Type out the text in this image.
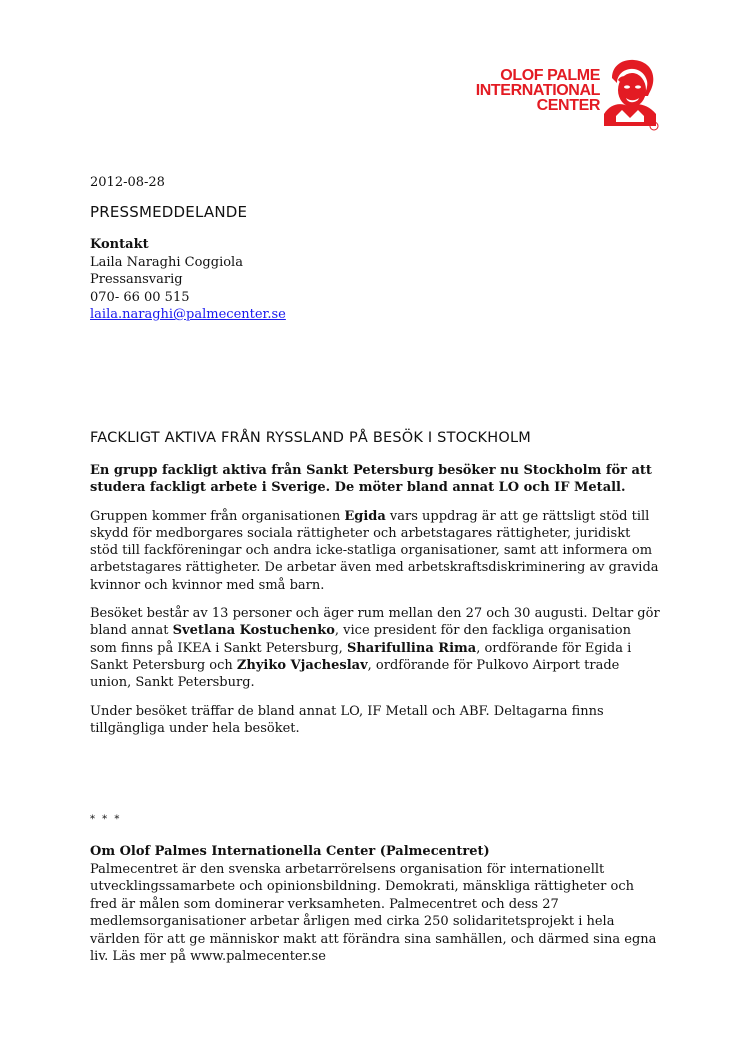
OLOF PALME
INTERNATIONAL
CENTER
2012-08-28
PRESSMEDDELANDE
Kontakt
Laila Naraghi Coggiola
Pressansvarig
070- 66 00 515
laila.naraghi@palmecenter.se
FACKLIGT AKTIVA FRÅN RYSSLAND PÅ BESÖK I STOCKHOLM

En grupp fackligt aktiva från Sankt Petersburg besöker nu Stockholm för att studera fackligt arbete i Sverige. De möter bland annat LO och IF Metall.

Gruppen kommer från organisationen Egida vars uppdrag är att ge rättsligt stöd till skydd för medborgares sociala rättigheter och arbetstagares rättigheter, juridiskt stöd till fackföreningar och andra icke-statliga organisationer, samt att informera om arbetstagares rättigheter. De arbetar även med arbetskraftsdiskriminering av gravida kvinnor och kvinnor med små barn.

Besöket består av 13 personer och äger rum mellan den 27 och 30 augusti. Deltar gör bland annat Svetlana Kostuchenko, vice president för den fackliga organisation som finns på IKEA i Sankt Petersburg, Sharifullina Rima, ordförande för Egida i Sankt Petersburg och Zhyiko Vjacheslav, ordförande för Pulkovo Airport trade union, Sankt Petersburg.

Under besöket träffar de bland annat LO, IF Metall och ABF. Deltagarna finns tillgängliga under hela besöket.

* * *
Om Olof Palmes Internationella Center (Palmecentret)
Palmecentret är den svenska arbetarrörelsens organisation för internationellt utvecklingssamarbete och opinionsbildning. Demokrati, mänskliga rättigheter och fred är målen som dominerar verksamheten. Palmecentret och dess 27 medlemsorganisationer arbetar årligen med cirka 250 solidaritetsprojekt i hela världen för att ge människor makt att förändra sina samhällen, och därmed sina egna liv. Läs mer på www.palmecenter.se
